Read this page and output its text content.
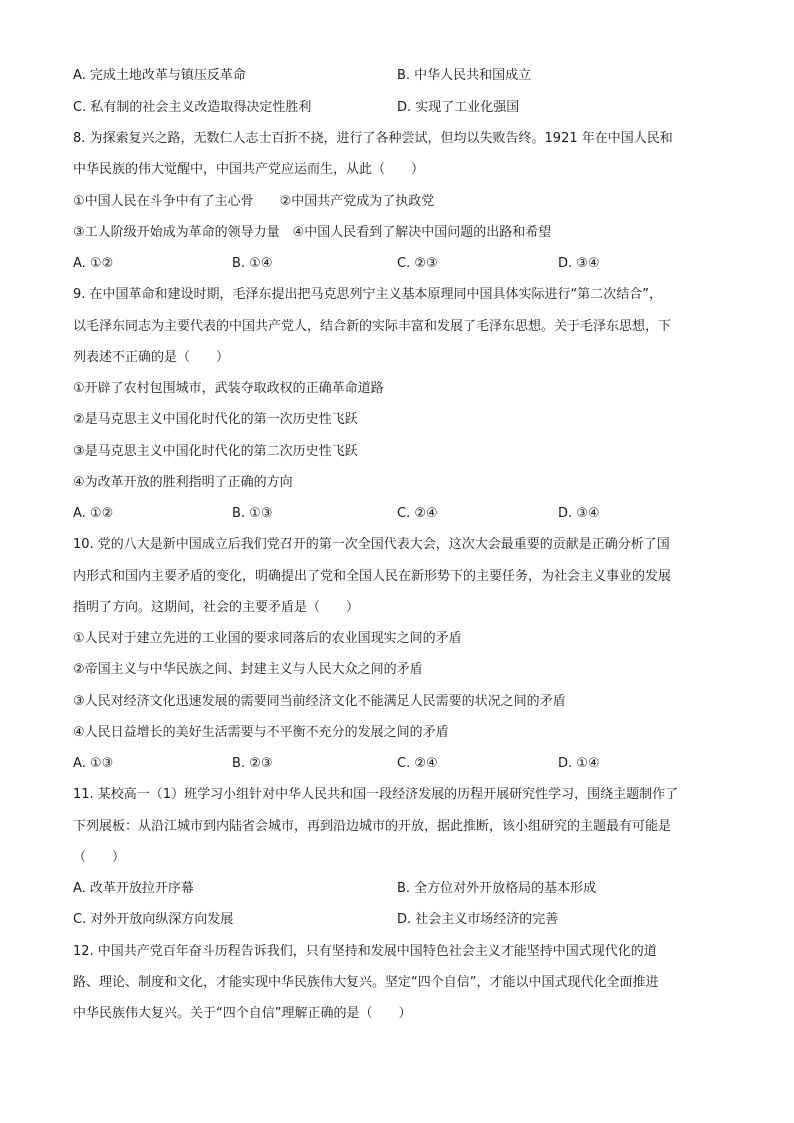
A. 完成土地改革与镇压反革命	B. 中华人民共和国成立
C. 私有制的社会主义改造取得决定性胜利	D. 实现了工业化强国
8. 为探索复兴之路，无数仁人志士百折不挠，进行了各种尝试，但均以失败告终。1921 年在中国人民和
中华民族的伟大觉醒中，中国共产党应运而生，从此（　　）
①中国人民在斗争中有了主心骨　　②中国共产党成为了执政党
③工人阶级开始成为革命的领导力量　④中国人民看到了解决中国问题的出路和希望
A. ①②	B. ①④	C. ②③	D. ③④
9. 在中国革命和建设时期，毛泽东提出把马克思列宁主义基本原理同中国具体实际进行“第二次结合”，
以毛泽东同志为主要代表的中国共产党人，结合新的实际丰富和发展了毛泽东思想。关于毛泽东思想，下
列表述不正确的是（　　）
①开辟了农村包围城市，武装夺取政权的正确革命道路
②是马克思主义中国化时代化的第一次历史性飞跃
③是马克思主义中国化时代化的第二次历史性飞跃
④为改革开放的胜利指明了正确的方向
A. ①②	B. ①③	C. ②④	D. ③④
10. 党的八大是新中国成立后我们党召开的第一次全国代表大会，这次大会最重要的贡献是正确分析了国
内形式和国内主要矛盾的变化，明确提出了党和全国人民在新形势下的主要任务，为社会主义事业的发展
指明了方向。这期间，社会的主要矛盾是（　　）
①人民对于建立先进的工业国的要求同落后的农业国现实之间的矛盾
②帝国主义与中华民族之间、封建主义与人民大众之间的矛盾
③人民对经济文化迅速发展的需要同当前经济文化不能满足人民需要的状况之间的矛盾
④人民日益增长的美好生活需要与不平衡不充分的发展之间的矛盾
A. ①③	B. ②③	C. ②④	D. ①④
11. 某校高一（1）班学习小组针对中华人民共和国一段经济发展的历程开展研究性学习，围绕主题制作了
下列展板：从沿江城市到内陆省会城市，再到沿边城市的开放，据此推断，该小组研究的主题最有可能是
（　　）
A. 改革开放拉开序幕	B. 全方位对外开放格局的基本形成
C. 对外开放向纵深方向发展	D. 社会主义市场经济的完善
12. 中国共产党百年奋斗历程告诉我们，只有坚持和发展中国特色社会主义才能坚持中国式现代化的道
路、理论、制度和文化，才能实现中华民族伟大复兴。坚定“四个自信”，才能以中国式现代化全面推进
中华民族伟大复兴。关于“四个自信”理解正确的是（　　）
